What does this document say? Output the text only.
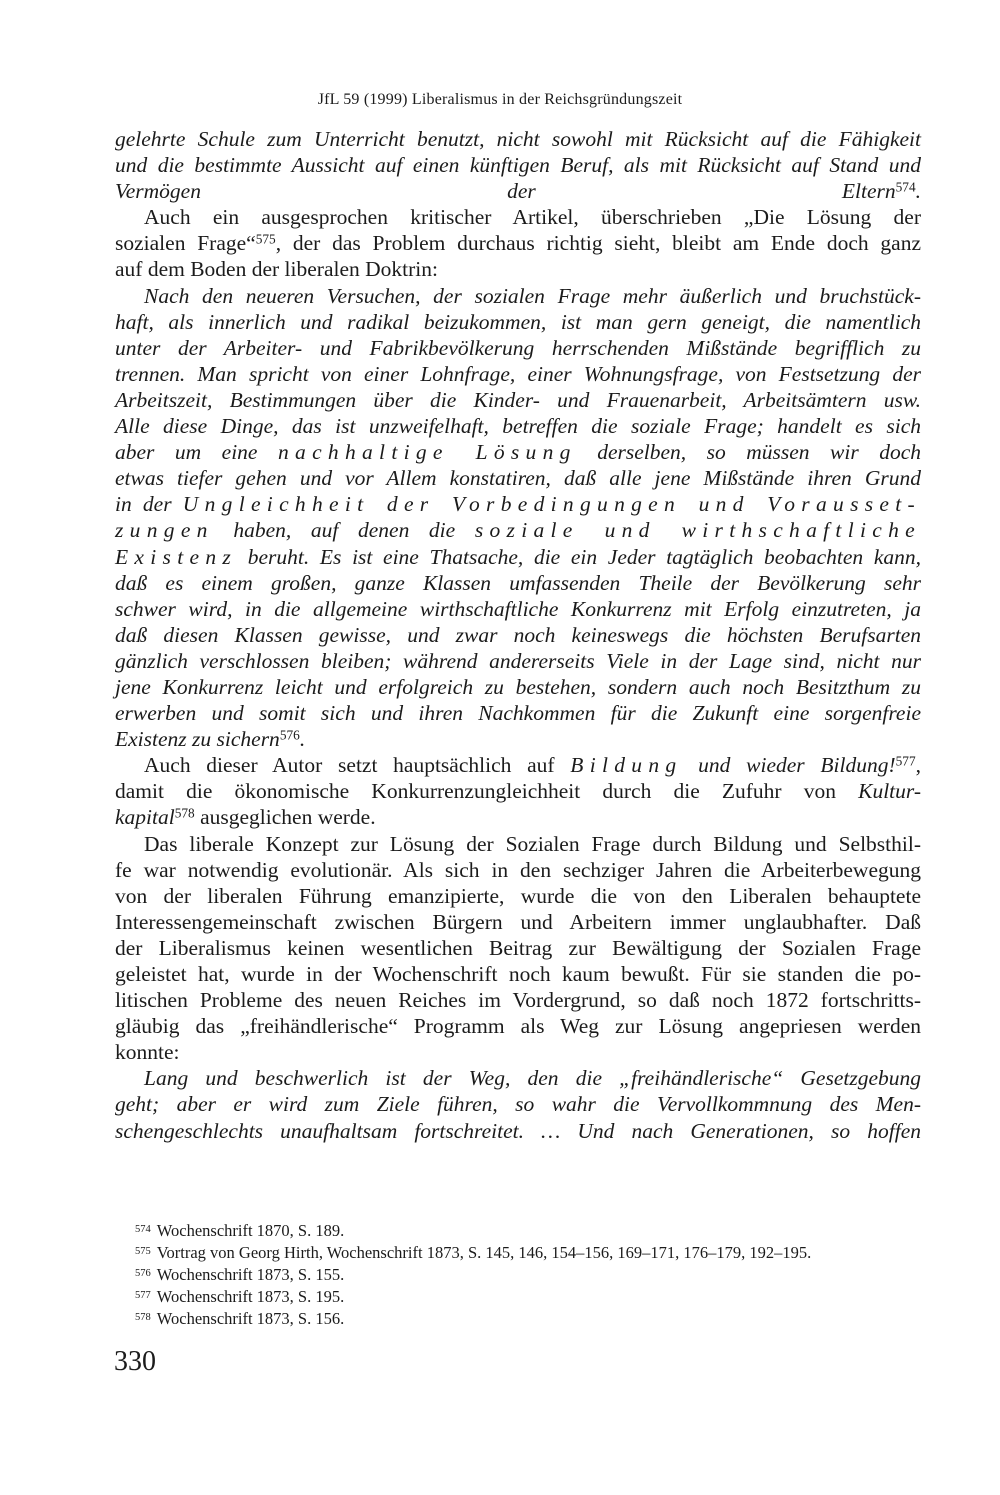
JfL 59 (1999) Liberalismus in der Reichsgründungszeit
gelehrte Schule zum Unterricht benutzt, nicht sowohl mit Rücksicht auf die Fähigkeit
und die bestimmte Aussicht auf einen künftigen Beruf, als mit Rücksicht auf Stand und
Vermögen der Eltern$^{574}$.
Auch ein ausgesprochen kritischer Artikel, überschrieben „Die Lösung der
sozialen Frage“$^{575}$, der das Problem durchaus richtig sieht, bleibt am Ende doch ganz
auf dem Boden der liberalen Doktrin:
Nach den neueren Versuchen, der sozialen Frage mehr äußerlich und bruchstück-
haft, als innerlich und radikal beizukommen, ist man gern geneigt, die namentlich
unter der Arbeiter- und Fabrikbevölkerung herrschenden Mißstände begrifflich zu
trennen. Man spricht von einer Lohnfrage, einer Wohnungsfrage, von Festsetzung der
Arbeitszeit, Bestimmungen über die Kinder- und Frauenarbeit, Arbeitsämtern usw.
Alle diese Dinge, das ist unzweifelhaft, betreffen die soziale Frage; handelt es sich
aber um eine nachhaltige Lösung derselben, so müssen wir doch
etwas tiefer gehen und vor Allem konstatiren, daß alle jene Mißstände ihren Grund
in der Ungleichheit der Vorbedingungen und Vorausset-
zungen haben, auf denen die soziale und wirthschaftliche
Existenz beruht. Es ist eine Thatsache, die ein Jeder tagtäglich beobachten kann,
daß es einem großen, ganze Klassen umfassenden Theile der Bevölkerung sehr
schwer wird, in die allgemeine wirthschaftliche Konkurrenz mit Erfolg einzutreten, ja
daß diesen Klassen gewisse, und zwar noch keineswegs die höchsten Berufsarten
gänzlich verschlossen bleiben; während andererseits Viele in der Lage sind, nicht nur
jene Konkurrenz leicht und erfolgreich zu bestehen, sondern auch noch Besitzthum zu
erwerben und somit sich und ihren Nachkommen für die Zukunft eine sorgenfreie
Existenz zu sichern$^{576}$.
Auch dieser Autor setzt hauptsächlich auf Bildung und wieder Bildung!$^{577}$,
damit die ökonomische Konkurrenzungleichheit durch die Zufuhr von Kultur-
kapital$^{578}$ ausgeglichen werde.
Das liberale Konzept zur Lösung der Sozialen Frage durch Bildung und Selbsthil-
fe war notwendig evolutionär. Als sich in den sechziger Jahren die Arbeiterbewegung
von der liberalen Führung emanzipierte, wurde die von den Liberalen behauptete
Interessengemeinschaft zwischen Bürgern und Arbeitern immer unglaubhafter. Daß
der Liberalismus keinen wesentlichen Beitrag zur Bewältigung der Sozialen Frage
geleistet hat, wurde in der Wochenschrift noch kaum bewußt. Für sie standen die po-
litischen Probleme des neuen Reiches im Vordergrund, so daß noch 1872 fortschritts-
gläubig das „freihändlerische“ Programm als Weg zur Lösung angepriesen werden
konnte:
Lang und beschwerlich ist der Weg, den die „freihändlerische“ Gesetzgebung
geht; aber er wird zum Ziele führen, so wahr die Vervollkommnung des Men-
schengeschlechts unaufhaltsam fortschreitet. … Und nach Generationen, so hoffen
$^{574}$ Wochenschrift 1870, S. 189.
$^{575}$ Vortrag von Georg Hirth, Wochenschrift 1873, S. 145, 146, 154–156, 169–171, 176–179, 192–195.
$^{576}$ Wochenschrift 1873, S. 155.
$^{577}$ Wochenschrift 1873, S. 195.
$^{578}$ Wochenschrift 1873, S. 156.
330
